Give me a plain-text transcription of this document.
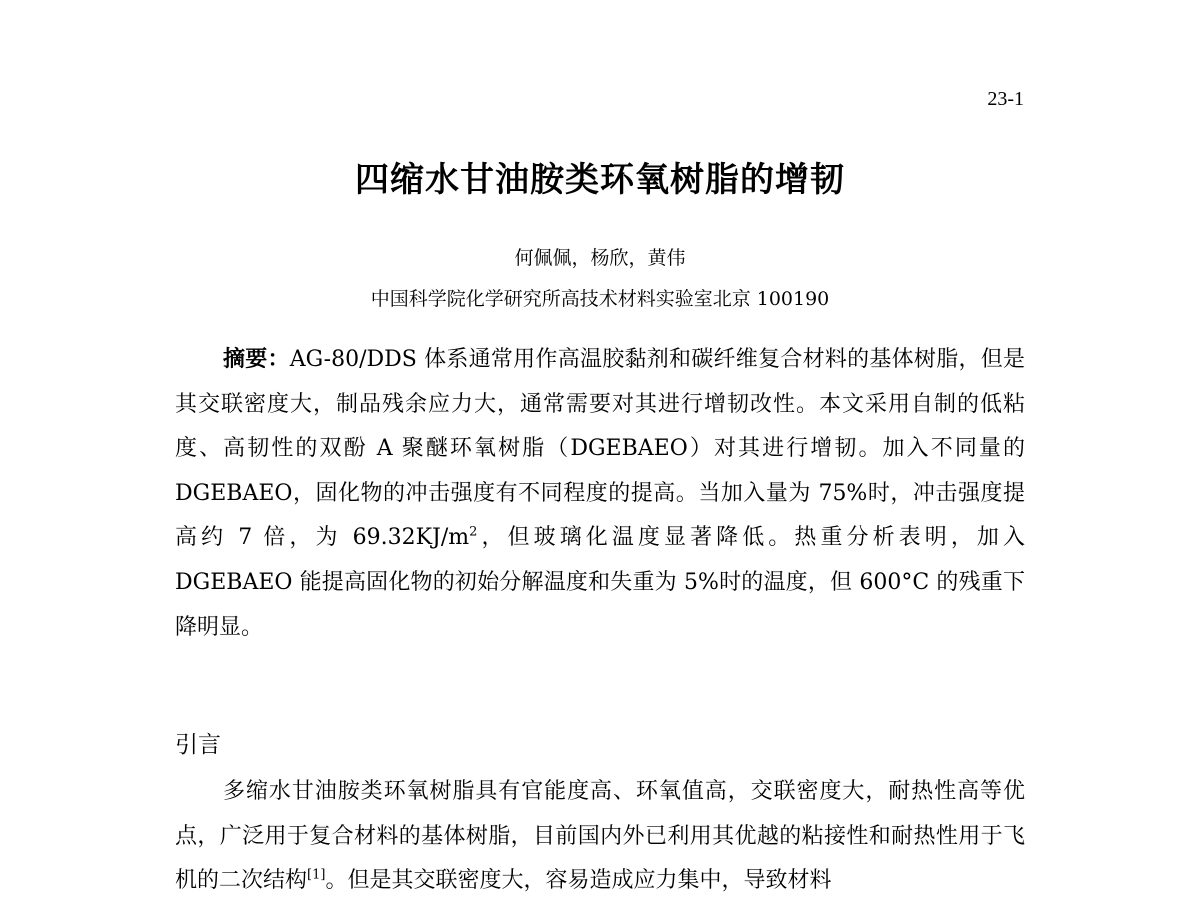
23-1
四缩水甘油胺类环氧树脂的增韧
何佩佩，杨欣，黄伟
中国科学院化学研究所高技术材料实验室北京 100190

摘要：AG-80/DDS 体系通常用作高温胶黏剂和碳纤维复合材料的基体树脂，但是其交联密度大，制品残余应力大，通常需要对其进行增韧改性。本文采用自制的低粘度、高韧性的双酚 A 聚醚环氧树脂（DGEBAEO）对其进行增韧。加入不同量的 DGEBAEO，固化物的冲击强度有不同程度的提高。当加入量为 75%时，冲击强度提高约 7 倍，为 $69.32KJ/m^2$，但玻璃化温度显著降低。热重分析表明，加入 DGEBAEO 能提高固化物的初始分解温度和失重为 5%时的温度，但 600°C 的残重下降明显。

引言

多缩水甘油胺类环氧树脂具有官能度高、环氧值高，交联密度大，耐热性高等优点，广泛用于复合材料的基体树脂，目前国内外已利用其优越的粘接性和耐热性用于飞机的二次结构[1]。但是其交联密度大，容易造成应力集中，导致材料
